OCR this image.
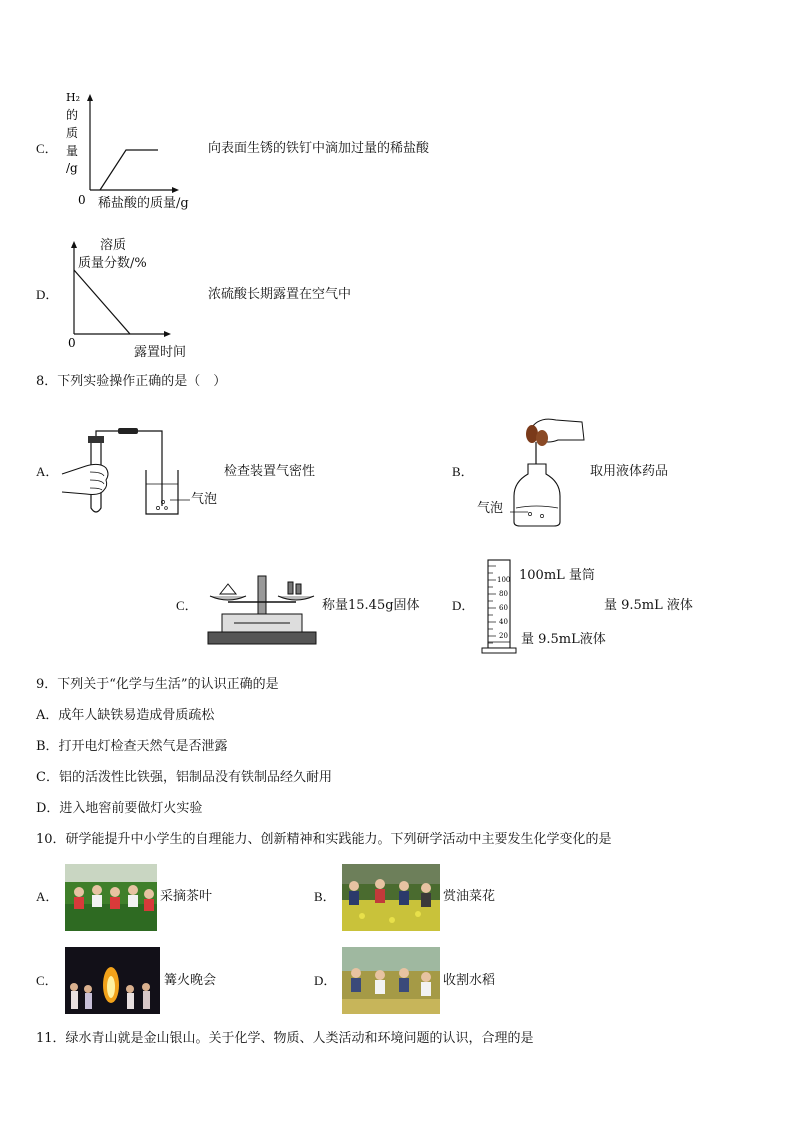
C．
H₂
的
质
量
/g
0 稀盐酸的质量/g
向表面生锈的铁钉中滴加过量的稀盐酸
D．
0
溶质
质量分数/%
露置时间
浓硫酸长期露置在空气中
8．下列实验操作正确的是（　）
A．
气泡
检查装置气密性	B．
气泡
取用液体药品
C．	称量15.45g固体 D．
100
80
60
40
20
100mL 量筒
量 9.5mL 液体
量 9.5mL液体
9．下列关于“化学与生活”的认识正确的是
A．成年人缺铁易造成骨质疏松
B．打开电灯检查天然气是否泄露
C．铝的活泼性比铁强，铝制品没有铁制品经久耐用
D．进入地窖前要做灯火实验
10．研学能提升中小学生的自理能力、创新精神和实践能力。下列研学活动中主要发生化学变化的是
A．	采摘茶叶	B．	赏油菜花
C．	篝火晚会	D．	收割水稻
11．绿水青山就是金山银山。关于化学、物质、人类活动和环境问题的认识，合理的是
